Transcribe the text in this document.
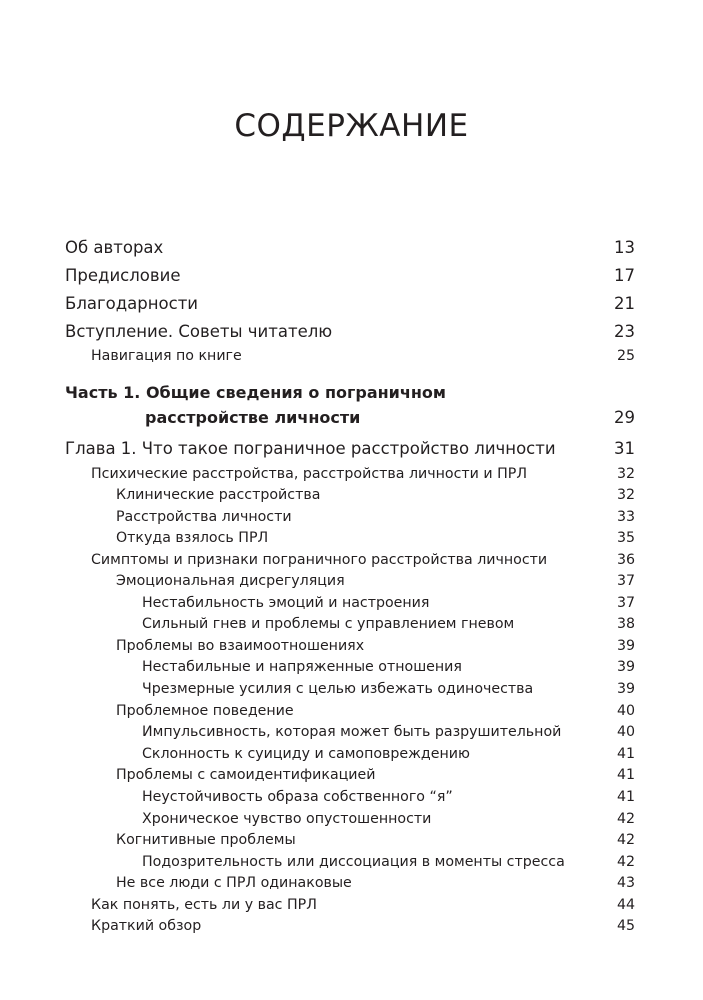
СОДЕРЖАНИЕ
Об авторах	13
Предисловие	17
Благодарности	21
Вступление. Советы читателю	23
Навигация по книге	25
Часть 1. Общие сведения о пограничном
расстройстве личности	29
Глава 1. Что такое пограничное расстройство личности	31
Психические расстройства, расстройства личности и ПРЛ	32
Клинические расстройства	32
Расстройства личности	33
Откуда взялось ПРЛ	35
Симптомы и признаки пограничного расстройства личности	36
Эмоциональная дисрегуляция	37
Нестабильность эмоций и настроения	37
Сильный гнев и проблемы с управлением гневом	38
Проблемы во взаимоотношениях	39
Нестабильные и напряженные отношения	39
Чрезмерные усилия с целью избежать одиночества	39
Проблемное поведение	40
Импульсивность, которая может быть разрушительной	40
Склонность к суициду и самоповреждению	41
Проблемы с самоидентификацией	41
Неустойчивость образа собственного “я”	41
Хроническое чувство опустошенности	42
Когнитивные проблемы	42
Подозрительность или диссоциация в моменты стресса	42
Не все люди с ПРЛ одинаковые	43
Как понять, есть ли у вас ПРЛ	44
Краткий обзор	45
